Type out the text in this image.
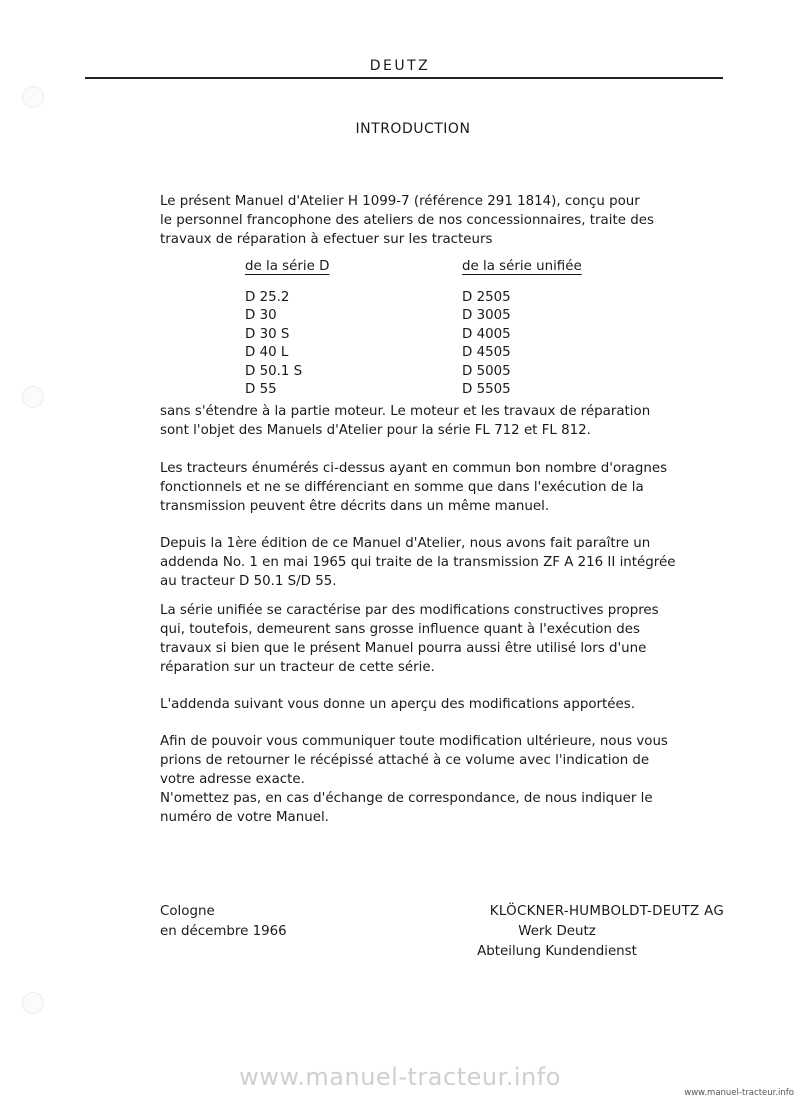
DEUTZ
INTRODUCTION
Le présent Manuel d'Atelier H 1099-7 (référence 291 1814), conçu pour
le personnel francophone des ateliers de nos concessionnaires, traite des
travaux de réparation à efectuer sur les tracteurs
de la série D
D 25.2
D 30
D 30 S
D 40 L
D 50.1 S
D 55
de la série unifiée
D 2505
D 3005
D 4005
D 4505
D 5005
D 5505
sans s'étendre à la partie moteur. Le moteur et les travaux de réparation
sont l'objet des Manuels d'Atelier pour la série FL 712 et FL 812.
Les tracteurs énumérés ci-dessus ayant en commun bon nombre d'oragnes
fonctionnels et ne se différenciant en somme que dans l'exécution de la
transmission peuvent être décrits dans un même manuel.
Depuis la 1ère édition de ce Manuel d'Atelier, nous avons fait paraître un
addenda No. 1 en mai 1965 qui traite de la transmission ZF A 216 II intégrée
au tracteur D 50.1 S/D 55.
La série unifiée se caractérise par des modifications constructives propres
qui, toutefois, demeurent sans grosse influence quant à l'exécution des
travaux si bien que le présent Manuel pourra aussi être utilisé lors d'une
réparation sur un tracteur de cette série.
L'addenda suivant vous donne un aperçu des modifications apportées.
Afin de pouvoir vous communiquer toute modification ultérieure, nous vous
prions de retourner le récépissé attaché à ce volume avec l'indication de
votre adresse exacte.
N'omettez pas, en cas d'échange de correspondance, de nous indiquer le
numéro de votre Manuel.
Cologne
en décembre 1966
KLÖCKNER-HUMBOLDT-DEUTZ AG
Werk Deutz
Abteilung Kundendienst
www.manuel-tracteur.info
www.manuel-tracteur.info
